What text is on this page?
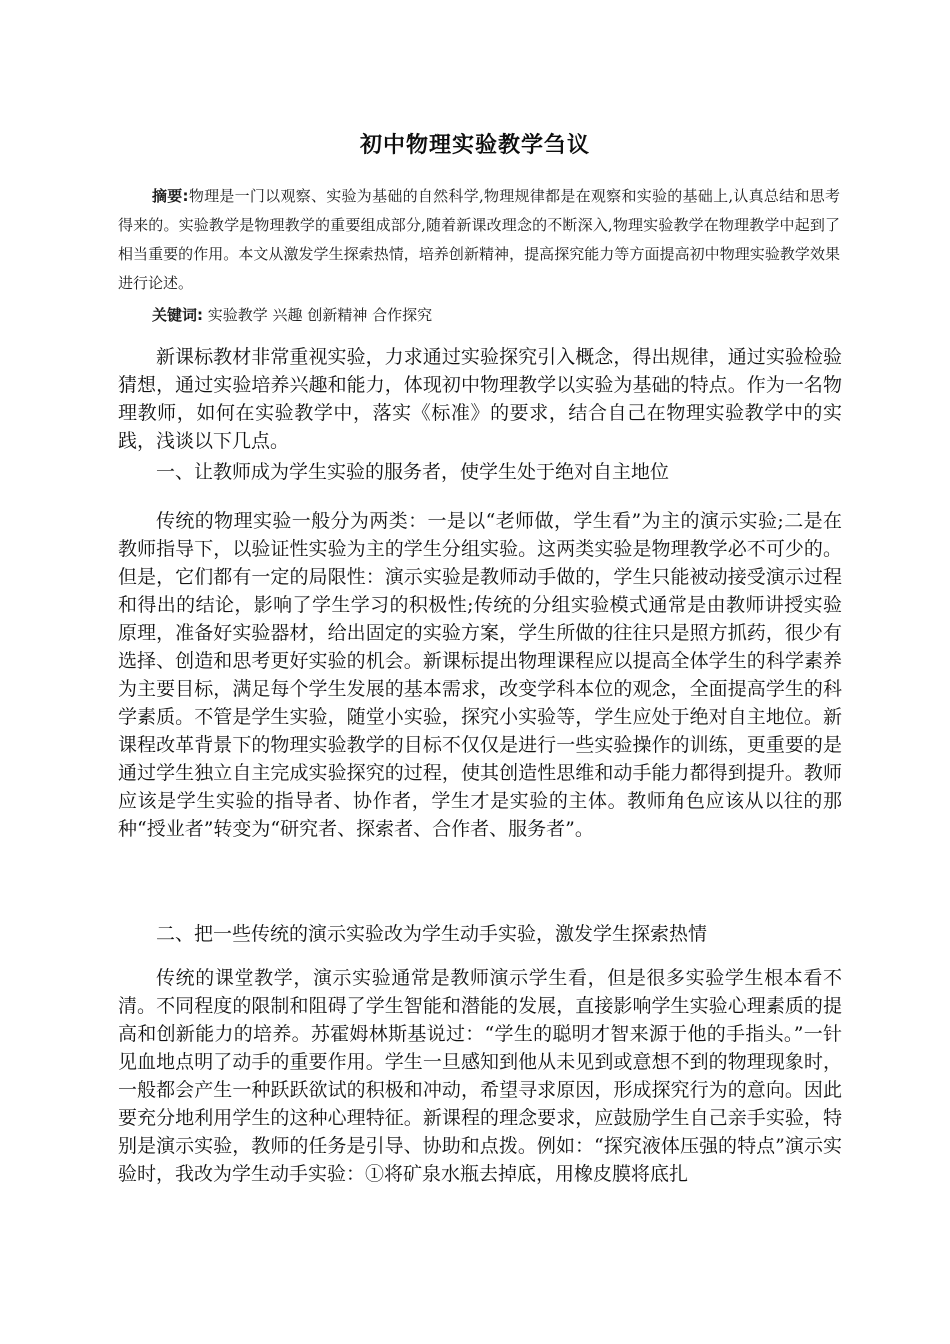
初中物理实验教学刍议
摘要:物理是一门以观察、实验为基础的自然科学,物理规律都是在观察和实验的基础上,认真总结和思考得来的。实验教学是物理教学的重要组成部分,随着新课改理念的不断深入,物理实验教学在物理教学中起到了相当重要的作用。本文从激发学生探索热情，培养创新精神，提高探究能力等方面提高初中物理实验教学效果进行论述。
关键词: 实验教学 兴趣 创新精神 合作探究

新课标教材非常重视实验，力求通过实验探究引入概念，得出规律，通过实验检验猜想，通过实验培养兴趣和能力，体现初中物理教学以实验为基础的特点。作为一名物理教师，如何在实验教学中，落实《标准》的要求，结合自己在物理实验教学中的实践，浅谈以下几点。

一、让教师成为学生实验的服务者，使学生处于绝对自主地位

传统的物理实验一般分为两类：一是以“老师做，学生看”为主的演示实验;二是在教师指导下，以验证性实验为主的学生分组实验。这两类实验是物理教学必不可少的。但是，它们都有一定的局限性：演示实验是教师动手做的，学生只能被动接受演示过程和得出的结论，影响了学生学习的积极性;传统的分组实验模式通常是由教师讲授实验原理，准备好实验器材，给出固定的实验方案，学生所做的往往只是照方抓药，很少有选择、创造和思考更好实验的机会。新课标提出物理课程应以提高全体学生的科学素养为主要目标，满足每个学生发展的基本需求，改变学科本位的观念，全面提高学生的科学素质。不管是学生实验，随堂小实验，探究小实验等，学生应处于绝对自主地位。新课程改革背景下的物理实验教学的目标不仅仅是进行一些实验操作的训练，更重要的是通过学生独立自主完成实验探究的过程，使其创造性思维和动手能力都得到提升。教师应该是学生实验的指导者、协作者，学生才是实验的主体。教师角色应该从以往的那种“授业者”转变为“研究者、探索者、合作者、服务者”。

二、把一些传统的演示实验改为学生动手实验，激发学生探索热情

传统的课堂教学，演示实验通常是教师演示学生看，但是很多实验学生根本看不清。不同程度的限制和阻碍了学生智能和潜能的发展，直接影响学生实验心理素质的提高和创新能力的培养。苏霍姆林斯基说过：“学生的聪明才智来源于他的手指头。”一针见血地点明了动手的重要作用。学生一旦感知到他从未见到或意想不到的物理现象时，一般都会产生一种跃跃欲试的积极和冲动，希望寻求原因，形成探究行为的意向。因此要充分地利用学生的这种心理特征。新课程的理念要求，应鼓励学生自己亲手实验，特别是演示实验，教师的任务是引导、协助和点拨。例如：“探究液体压强的特点”演示实验时，我改为学生动手实验：①将矿泉水瓶去掉底，用橡皮膜将底扎
